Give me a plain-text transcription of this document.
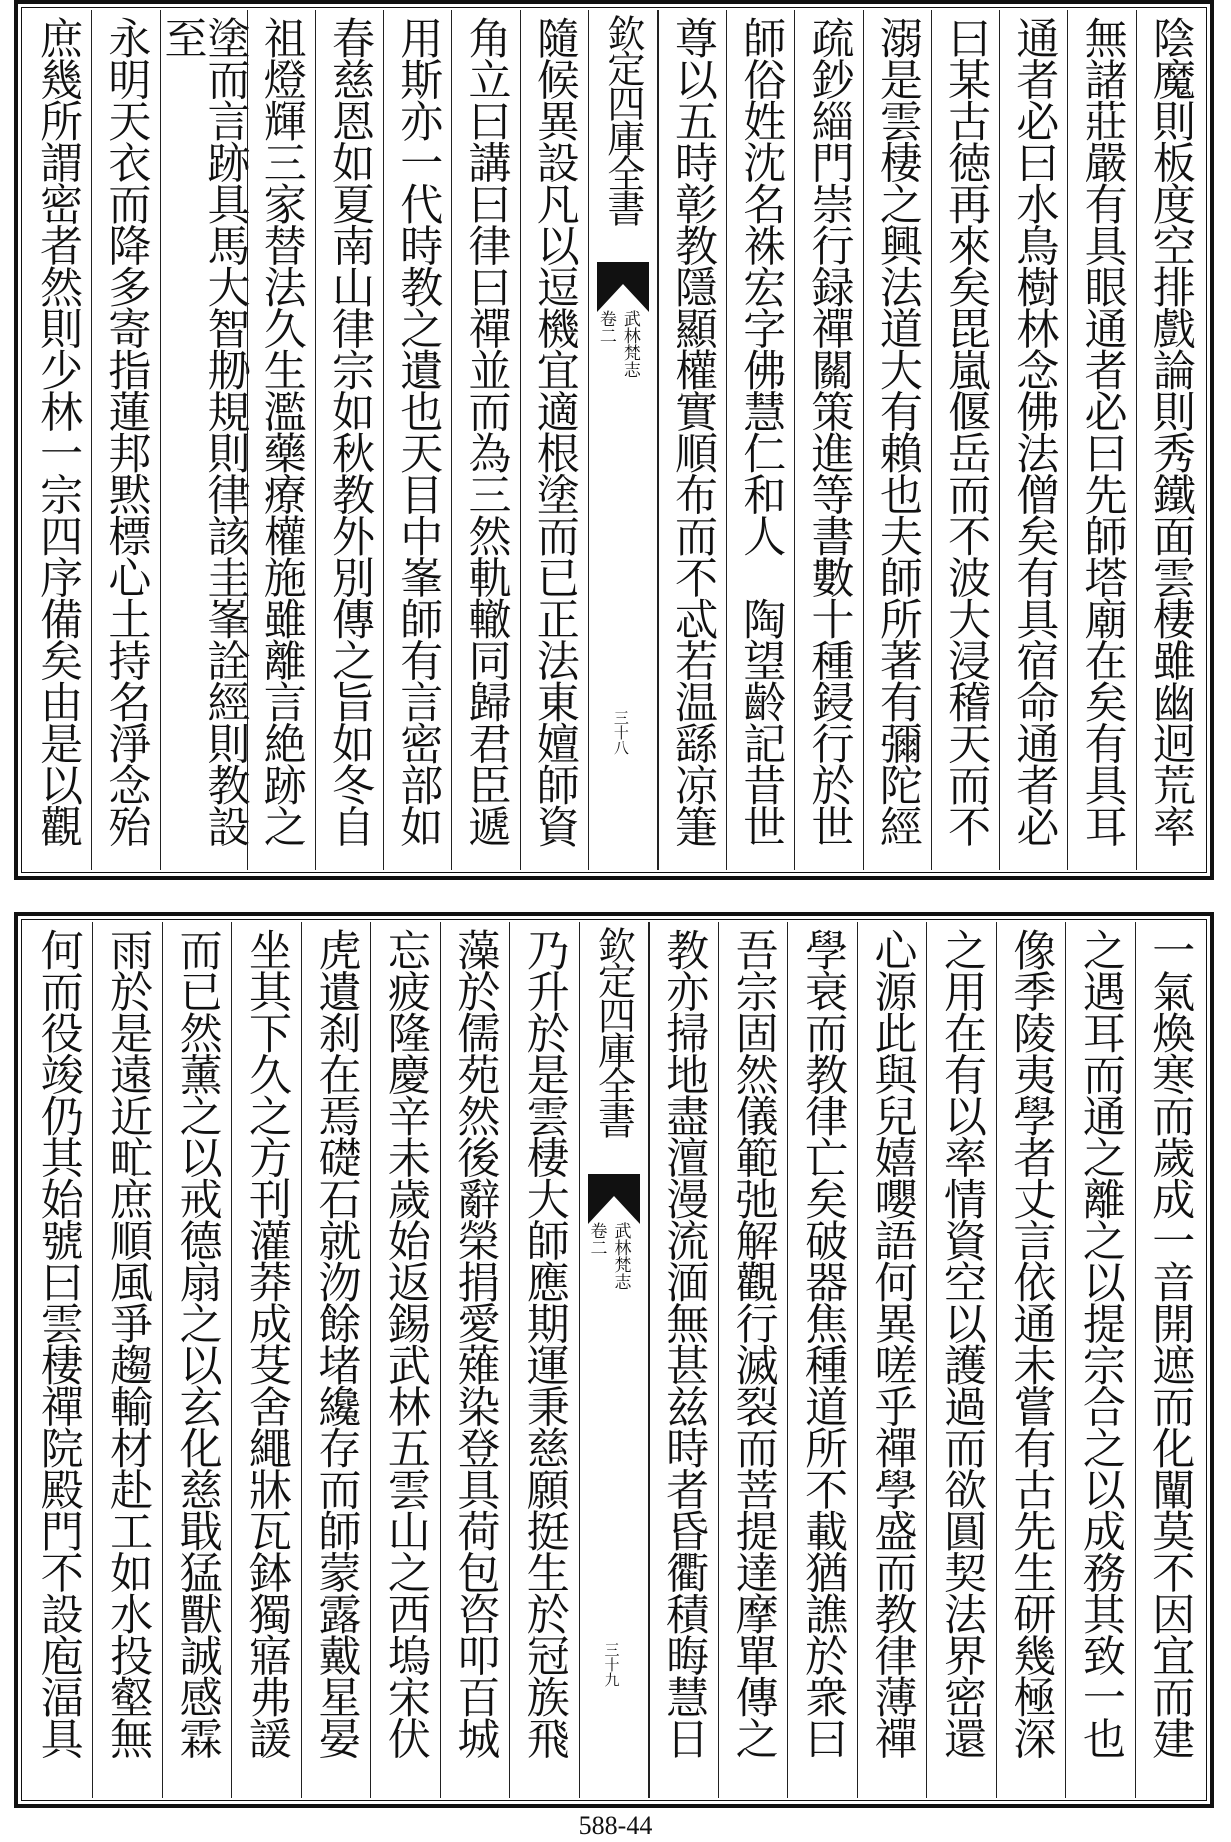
陰魔則板度空排戲論則秀鐵面雲棲雖幽迥荒率
無諸莊嚴有具眼通者必曰先師塔廟在矣有具耳
通者必曰水鳥樹林念佛法僧矣有具宿命通者必
曰某古徳再來矣毘嵐偃岳而不波大浸稽天而不
溺是雲棲之興法道大有賴也夫師所著有彌陀經
疏鈔緇門崇行録禪關策進等書數十種鋟行於世
師俗姓沈名袾宏字佛慧仁和人　陶望齡記昔世
尊以五時彰教隱顯權實順布而不忒若温繇凉箑
欽定四庫全書
武林梵志
卷二
三十八
隨候異設凡以逗機宜適根塗而已正法東嬗師資
角立曰講曰律曰禪並而為三然軌轍同歸君臣遞
用斯亦一代時教之遺也天目中峯師有言密部如
春慈恩如夏南山律宗如秋教外別傳之旨如冬自
祖燈輝三家替法久生濫藥療權施雖離言絶跡之
塗而言跡具馬大智刱規則律該圭峯詮經則教設至
永明天衣而降多寄指蓮邦黙標心土持名淨念殆
庶幾所謂密者然則少林一宗四序備矣由是以觀
一氣煥寒而歲成一音開遮而化闡莫不因宜而建
之遇耳而通之離之以提宗合之以成務其致一也
像季陵夷學者丈言依通未嘗有古先生研幾極深
之用在有以率情資空以護過而欲圓契法界密還
心源此與兒嬉嚶語何異嗟乎禪學盛而教律薄禪
學衰而教律亡矣破器焦種道所不載猶譙於衆曰
吾宗固然儀範弛解觀行滅裂而菩提達摩單傳之
教亦掃地盡澶漫流湎無甚兹時者昏衢積晦慧日
欽定四庫全書
武林梵志
卷二
三十九
乃升於是雲棲大師應期運秉慈願挺生於冠族飛
藻於儒苑然後辭榮捐愛薙染登具荷包咨叩百城
忘疲隆慶辛未歲始返錫武林五雲山之西塢宋伏
虎遺刹在焉礎石就沕餘堵纔存而師蒙露戴星晏
坐其下久之方刊灌莽成芟舍繩牀瓦鉢獨寤弗諼
而已然薰之以戒德扇之以玄化慈戢猛獸誠感霖
雨於是遠近甿庶順風爭趨輸材赴工如水投壑無
何而役竣仍其始號曰雲棲禪院殿門不設庖湢具
588-44
